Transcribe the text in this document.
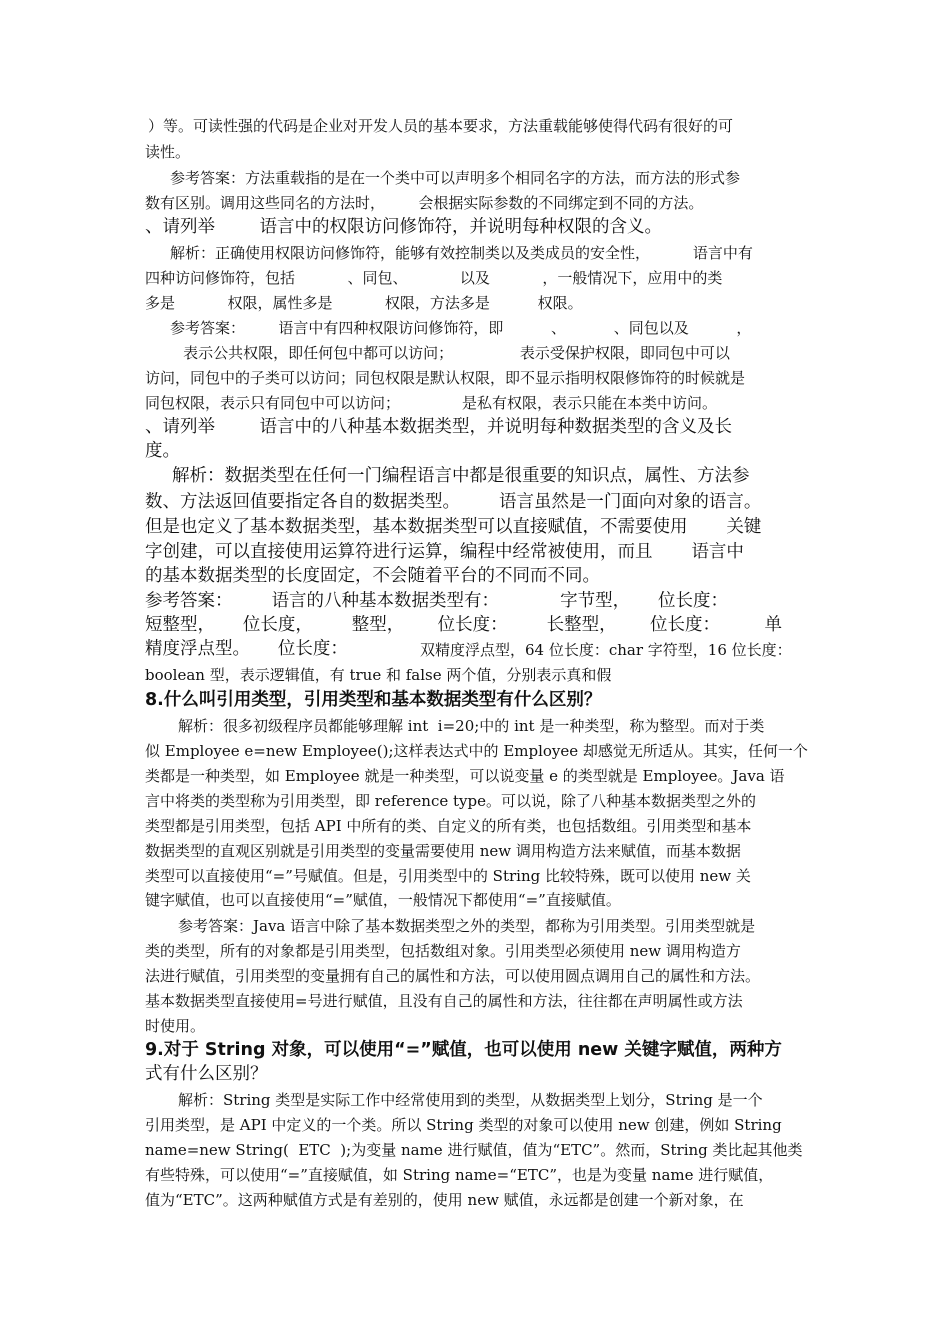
）等。可读性强的代码是企业对开发人员的基本要求，方法重载能够使得代码有很好的可
读性。
参考答案：方法重载指的是在一个类中可以声明多个相同名字的方法，而方法的形式参
数有区别。调用这些同名的方法时，       会根据实际参数的不同绑定到不同的方法。
、请列举        语言中的权限访问修饰符，并说明每种权限的含义。
解析：正确使用权限访问修饰符，能够有效控制类以及类成员的安全性，         语言中有
四种访问修饰符，包括           、同包、           以及           ，一般情况下，应用中的类
多是           权限，属性多是           权限，方法多是          权限。
参考答案：       语言中有四种权限访问修饰符，即          、          、同包以及          ，
表示公共权限，即任何包中都可以访问；              表示受保护权限，即同包中可以
访问，同包中的子类可以访问；同包权限是默认权限，即不显示指明权限修饰符的时候就是
同包权限，表示只有同包中可以访问；             是私有权限，表示只能在本类中访问。
、请列举        语言中的八种基本数据类型，并说明每种数据类型的含义及长
度。
解析：数据类型在任何一门编程语言中都是很重要的知识点，属性、方法参
数、方法返回值要指定各自的数据类型。       语言虽然是一门面向对象的语言。
但是也定义了基本数据类型，基本数据类型可以直接赋值，不需要使用       关键
字创建，可以直接使用运算符进行运算，编程中经常被使用，而且       语言中
的基本数据类型的长度固定，不会随着平台的不同而不同。
参考答案：       语言的八种基本数据类型有：           字节型，     位长度：
短整型，     位长度，       整型，      位长度：       长整型，      位长度：        单
精度浮点型。     位长度：	双精度浮点型，64 位长度：char 字符型，16 位长度：
boolean 型，表示逻辑值，有 true 和 false 两个值，分别表示真和假
8.什么叫引用类型，引用类型和基本数据类型有什么区别？
解析：很多初级程序员都能够理解 int  i=20;中的 int 是一种类型，称为整型。而对于类
似 Employee e=new Employee();这样表达式中的 Employee 却感觉无所适从。其实，任何一个
类都是一种类型，如 Employee 就是一种类型，可以说变量 e 的类型就是 Employee。Java 语
言中将类的类型称为引用类型，即 reference type。可以说，除了八种基本数据类型之外的
类型都是引用类型，包括 API 中所有的类、自定义的所有类，也包括数组。引用类型和基本
数据类型的直观区别就是引用类型的变量需要使用 new 调用构造方法来赋值，而基本数据
类型可以直接使用“=”号赋值。但是，引用类型中的 String 比较特殊，既可以使用 new 关
键字赋值，也可以直接使用“=”赋值，一般情况下都使用“=”直接赋值。
参考答案：Java 语言中除了基本数据类型之外的类型，都称为引用类型。引用类型就是
类的类型，所有的对象都是引用类型，包括数组对象。引用类型必须使用 new 调用构造方
法进行赋值，引用类型的变量拥有自己的属性和方法，可以使用圆点调用自己的属性和方法。
基本数据类型直接使用=号进行赋值，且没有自己的属性和方法，往往都在声明属性或方法
时使用。
9.对于 String 对象，可以使用“=”赋值，也可以使用 new 关键字赋值，两种方
式有什么区别？
解析：String 类型是实际工作中经常使用到的类型，从数据类型上划分，String 是一个
引用类型，是 API 中定义的一个类。所以 String 类型的对象可以使用 new 创建，例如 String
name=new String(  ETC  );为变量 name 进行赋值，值为“ETC”。然而，String 类比起其他类
有些特殊，可以使用“=”直接赋值，如 String name=“ETC”，也是为变量 name 进行赋值，
值为“ETC”。这两种赋值方式是有差别的，使用 new 赋值，永远都是创建一个新对象，在
